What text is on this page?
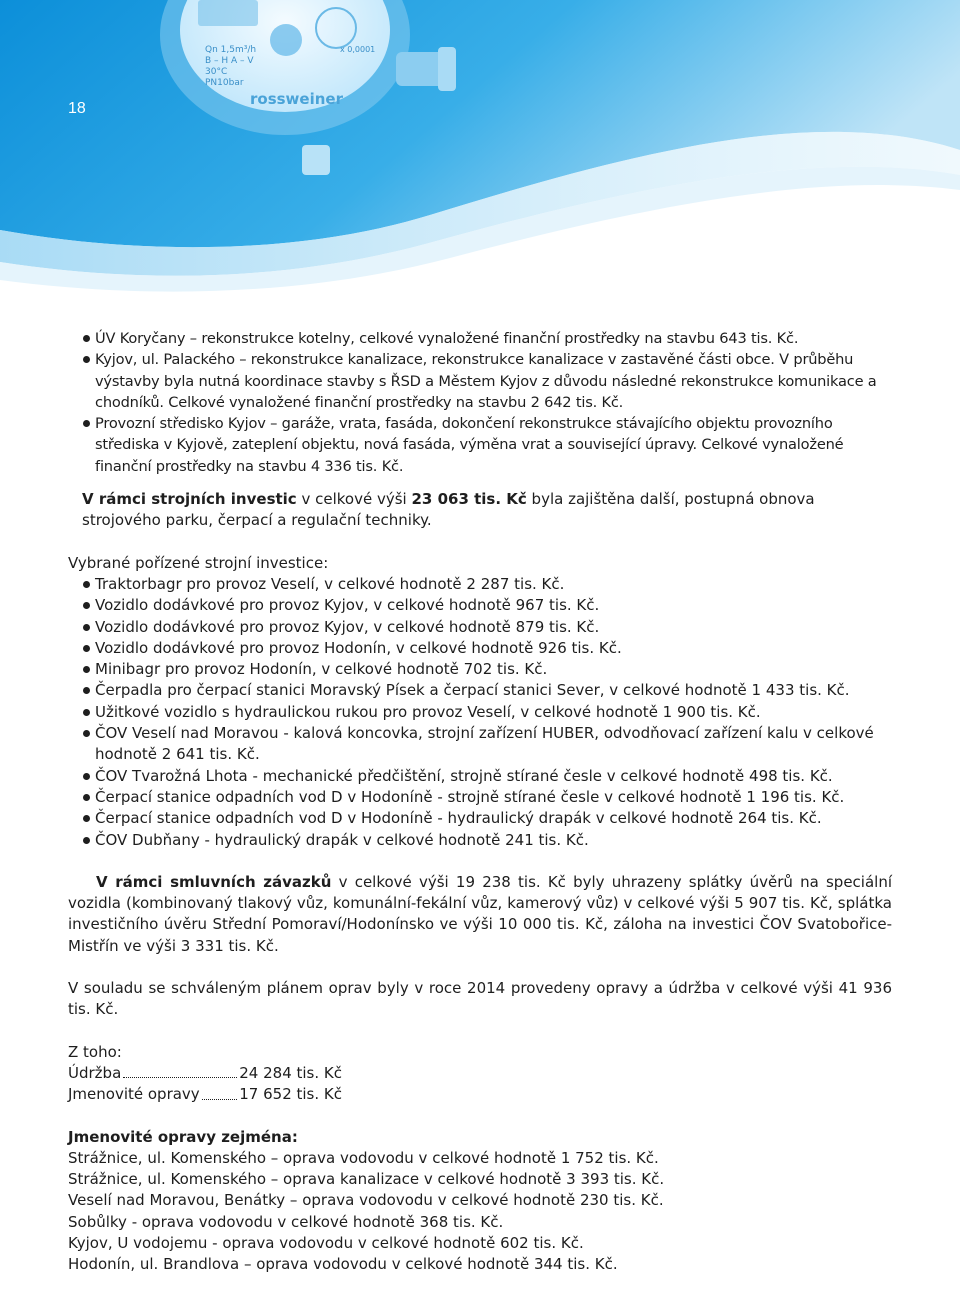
Qn 1,5m³/h
B – H A – V
30°C
PN10bar
rossweiner
x 0,0001
18
ÚV Koryčany – rekonstrukce kotelny, celkové vynaložené finanční prostředky na stavbu 643 tis. Kč.
Kyjov, ul. Palackého – rekonstrukce kanalizace, rekonstrukce kanalizace v zastavěné části obce. V průběhu výstavby byla nutná koordinace stavby s ŘSD a Městem Kyjov z důvodu následné rekonstrukce komunikace a chodníků. Celkové vynaložené finanční prostředky na stavbu 2 642 tis. Kč.
Provozní středisko Kyjov – garáže, vrata, fasáda, dokončení rekonstrukce stávajícího objektu provozního střediska v Kyjově, zateplení objektu, nová fasáda, výměna vrat a související úpravy. Celkové vynaložené finanční prostředky na stavbu 4 336 tis. Kč.

V rámci strojních investic v celkové výši 23 063 tis. Kč byla zajištěna další, postupná obnova strojového parku, čerpací a regulační techniky.

Vybrané pořízené strojní investice:

Traktorbagr pro provoz Veselí, v celkové hodnotě 2 287 tis. Kč.
Vozidlo dodávkové pro provoz Kyjov, v celkové hodnotě 967 tis. Kč.
Vozidlo dodávkové pro provoz Kyjov, v celkové hodnotě 879 tis. Kč.
Vozidlo dodávkové pro provoz Hodonín, v celkové hodnotě 926 tis. Kč.
Minibagr pro provoz Hodonín, v celkové hodnotě 702 tis. Kč.
Čerpadla pro čerpací stanici Moravský Písek a čerpací stanici Sever, v celkové hodnotě 1 433 tis. Kč.
Užitkové vozidlo s hydraulickou rukou pro provoz Veselí, v celkové hodnotě 1 900 tis. Kč.
ČOV Veselí nad Moravou - kalová koncovka, strojní zařízení HUBER, odvodňovací zařízení kalu v celkové hodnotě 2 641 tis. Kč.
ČOV Tvarožná Lhota - mechanické předčištění, strojně stírané česle v celkové hodnotě 498 tis. Kč.
Čerpací stanice odpadních vod D v Hodoníně - strojně stírané česle v celkové hodnotě 1 196 tis. Kč.
Čerpací stanice odpadních vod D v Hodoníně - hydraulický drapák v celkové hodnotě 264 tis. Kč.
ČOV Dubňany - hydraulický drapák v celkové hodnotě 241 tis. Kč.

V rámci smluvních závazků v celkové výši 19 238 tis. Kč byly uhrazeny splátky úvěrů na speciální vozidla (kombinovaný tlakový vůz, komunální-fekální vůz, kamerový vůz) v celkové výši 5 907 tis. Kč, splátka investičního úvěru Střední Pomoraví/Hodonínsko ve výši 10 000 tis. Kč, záloha na investici ČOV Svatobořice-Mistřín ve výši 3 331 tis. Kč.

V souladu se schváleným plánem oprav byly v roce 2014 provedeny opravy a údržba v celkové výši 41 936 tis. Kč.

Z toho:

Údržba	24 284 tis. Kč
Jmenovité opravy	17 652 tis. Kč

Jmenovité opravy zejména:

Strážnice, ul. Komenského – oprava vodovodu v celkové hodnotě 1 752 tis. Kč.

Strážnice, ul. Komenského – oprava kanalizace v celkové hodnotě 3 393 tis. Kč.

Veselí nad Moravou, Benátky – oprava vodovodu v celkové hodnotě 230 tis. Kč.

Sobůlky - oprava vodovodu v celkové hodnotě 368 tis. Kč.

Kyjov, U vodojemu - oprava vodovodu v celkové hodnotě 602 tis. Kč.

Hodonín, ul. Brandlova – oprava vodovodu v celkové hodnotě 344 tis. Kč.
